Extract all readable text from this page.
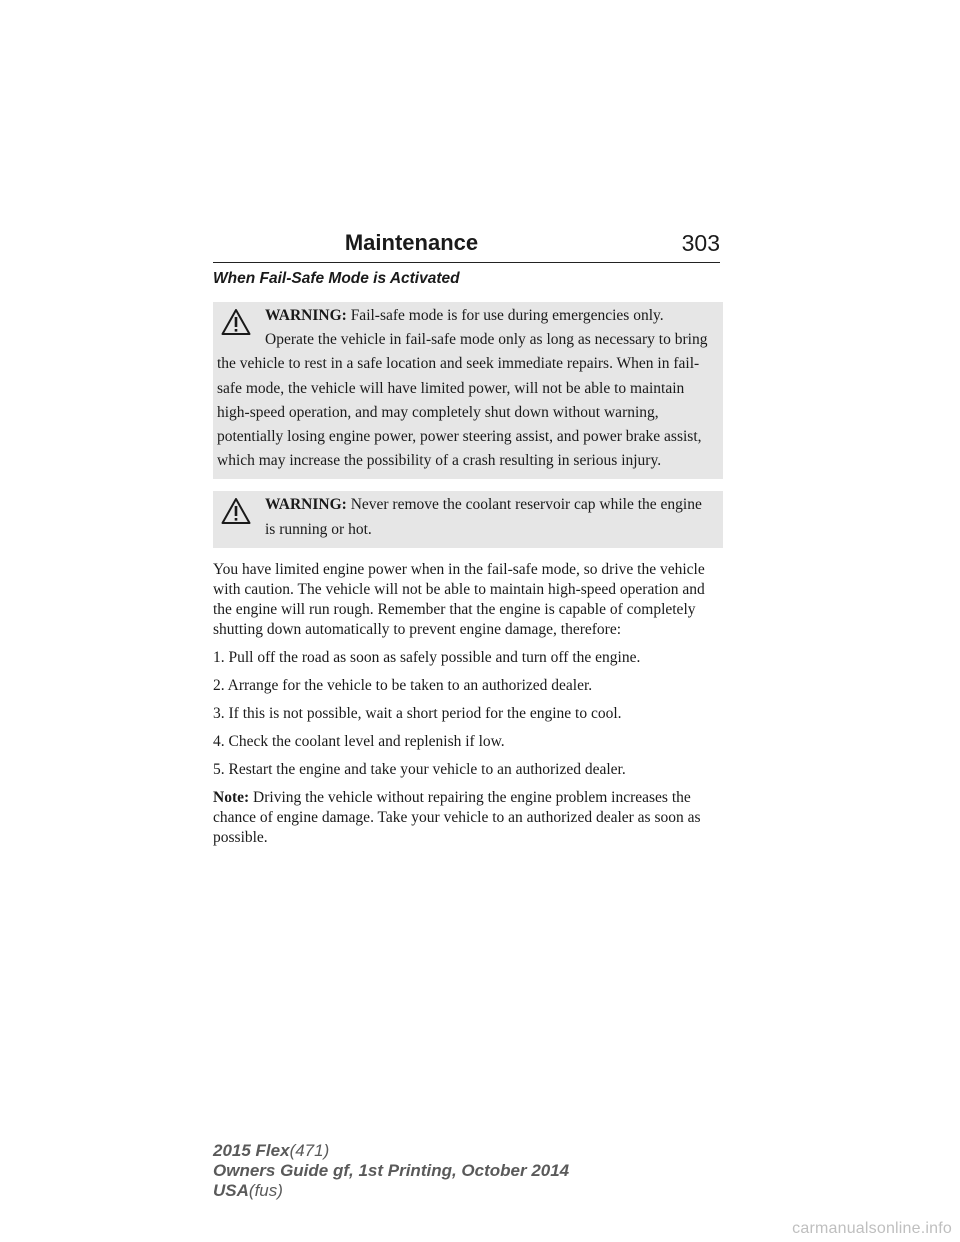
Maintenance	303
When Fail-Safe Mode is Activated
WARNING: Fail-safe mode is for use during emergencies only. Operate the vehicle in fail-safe mode only as long as necessary to bring the vehicle to rest in a safe location and seek immediate repairs. When in fail-safe mode, the vehicle will have limited power, will not be able to maintain high-speed operation, and may completely shut down without warning, potentially losing engine power, power steering assist, and power brake assist, which may increase the possibility of a crash resulting in serious injury.
WARNING: Never remove the coolant reservoir cap while the engine is running or hot.

You have limited engine power when in the fail-safe mode, so drive the vehicle with caution. The vehicle will not be able to maintain high-speed operation and the engine will run rough. Remember that the engine is capable of completely shutting down automatically to prevent engine damage, therefore:

1. Pull off the road as soon as safely possible and turn off the engine.
2. Arrange for the vehicle to be taken to an authorized dealer.
3. If this is not possible, wait a short period for the engine to cool.
4. Check the coolant level and replenish if low.
5. Restart the engine and take your vehicle to an authorized dealer.

Note: Driving the vehicle without repairing the engine problem increases the chance of engine damage. Take your vehicle to an authorized dealer as soon as possible.

2015 Flex(471)
Owners Guide gf, 1st Printing, October 2014
USA(fus)
carmanualsonline.info
